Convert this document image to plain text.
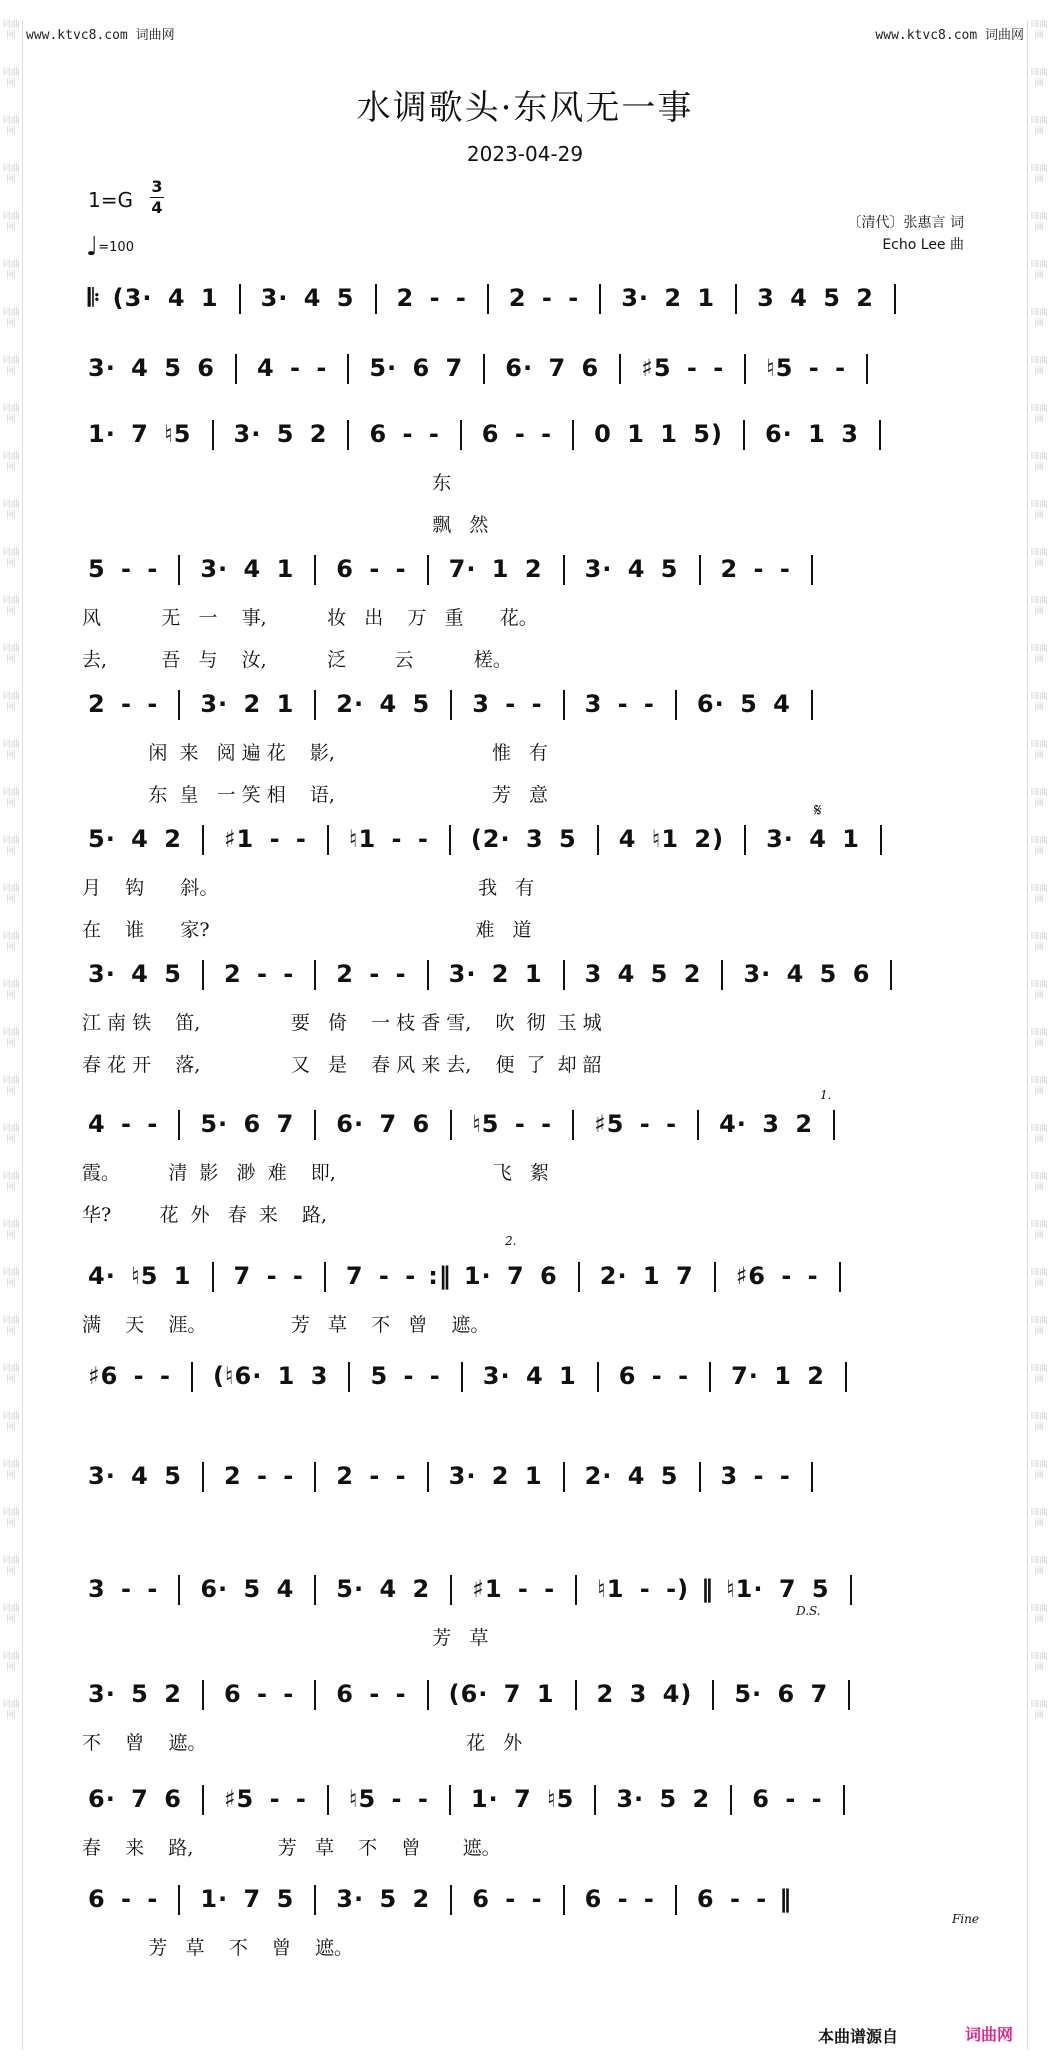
词曲网
词曲网
词曲网
词曲网
词曲网
词曲网
词曲网
词曲网
词曲网
词曲网
词曲网
词曲网
词曲网
词曲网
词曲网
词曲网
词曲网
词曲网
词曲网
词曲网
词曲网
词曲网
词曲网
词曲网
词曲网
词曲网
词曲网
词曲网
词曲网
词曲网
词曲网
词曲网
词曲网
词曲网
词曲网
词曲网
词曲网
词曲网
词曲网
词曲网
词曲网
词曲网
词曲网
词曲网
词曲网
词曲网
词曲网
词曲网
词曲网
词曲网
词曲网
词曲网
词曲网
词曲网
词曲网
词曲网
词曲网
词曲网
词曲网
词曲网
词曲网
词曲网
词曲网
词曲网
词曲网
词曲网
词曲网
词曲网
词曲网
词曲网
词曲网
词曲网
www.ktvc8.com 词曲网	www.ktvc8.com 词曲网
水调歌头·东风无一事
2023-04-29
1=G
3
4
♩=100
〔清代〕张惠言 词
Echo Lee 曲
𝄆 (3· 4 1 3· 4 5 2 - - 2 - - 3· 2 1 3 4 5 2
3· 4 5 6 4 - - 5· 6 7 6· 7 6 ♯5 - - ♮5 - -
1· 7 ♮5 3· 5 2 6 - - 6 - - 0 1 1 5) 6· 1 3
东
飘   然
5 - - 3· 4 1 6 - - 7· 1 2 3· 4 5 2 - -
风          无   一    事,          妆   出    万   重      花。
去,         吾   与    汝,          泛        云          槎。
2 - - 3· 2 1 2· 4 5 3 - - 3 - - 6· 5 4
闲  来   阅 遍 花    影,                          惟   有
东  皇   一 笑 相    语,                          芳   意
5· 4 2 ♯1 - - ♮1 - - (2· 3 5 4 ♮1 2) 3· 4 1
月    钩      斜。                                           我   有
在    谁      家?                                            难   道
3· 4 5 2 - - 2 - - 3· 2 1 3 4 5 2 3· 4 5 6
江 南 铁    笛,               要   倚    一 枝 香 雪,    吹  彻  玉 城
春 花 开    落,               又   是    春 风 来 去,    便  了  却 韶
4 - - 5· 6 7 6· 7 6 ♮5 - - ♯5 - - 4· 3 2
霞。        清  影   渺  难    即,                          飞   絮
华?        花  外   春  来    路,
4· ♮5 1 7 - - 7 - - :‖ 1· 7 6 2· 1 7 ♯6 - -
满    天    涯。              芳   草    不   曾    遮。
♯6 - - (♮6· 1 3 5 - - 3· 4 1 6 - - 7· 1 2
3· 4 5 2 - - 2 - - 3· 2 1 2· 4 5 3 - -
3 - - 6· 5 4 5· 4 2 ♯1 - - ♮1 - -) ‖ ♮1· 7 5
芳   草
3· 5 2 6 - - 6 - - (6· 7 1 2 3 4) 5· 6 7
不    曾    遮。                                           花   外
6· 7 6 ♯5 - - ♮5 - - 1· 7 ♮5 3· 5 2 6 - -
春    来    路,              芳   草    不    曾       遮。
6 - - 1· 7 5 3· 5 2 6 - - 6 - - 6 - - ‖
芳   草    不    曾    遮。
D.S.
Fine
1.
2.
𝄋
本曲谱源自	词曲网
